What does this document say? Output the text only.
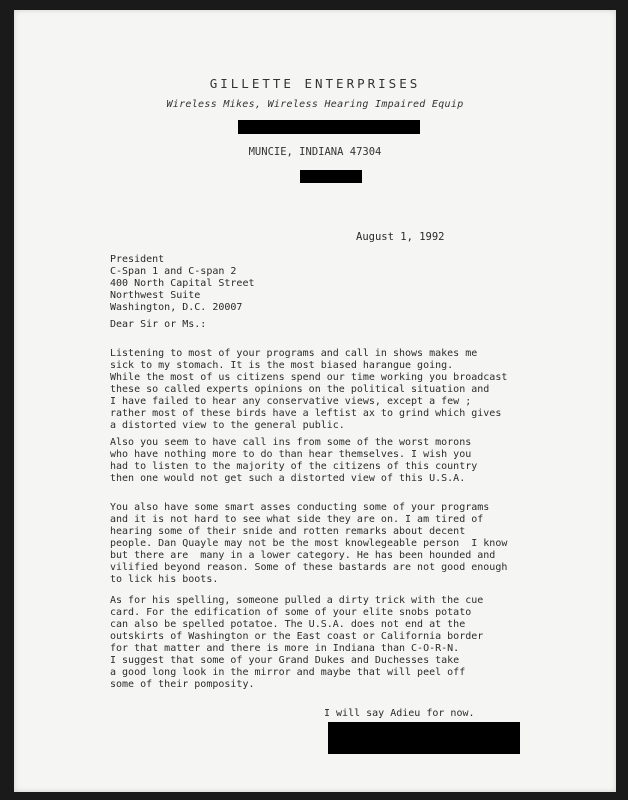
GILLETTE ENTERPRISES
Wireless Mikes, Wireless Hearing Impaired Equip
MUNCIE, INDIANA 47304
August 1, 1992
President
C-Span 1 and C-span 2
400 North Capital Street
Northwest Suite
Washington, D.C. 20007
Dear Sir or Ms.:
Listening to most of your programs and call in shows makes me
sick to my stomach. It is the most biased harangue going.
While the most of us citizens spend our time working you broadcast
these so called experts opinions on the political situation and
I have failed to hear any conservative views, except a few ;
rather most of these birds have a leftist ax to grind which gives
a distorted view to the general public.
Also you seem to have call ins from some of the worst morons
who have nothing more to do than hear themselves. I wish you
had to listen to the majority of the citizens of this country
then one would not get such a distorted view of this U.S.A.
You also have some smart asses conducting some of your programs
and it is not hard to see what side they are on. I am tired of
hearing some of their snide and rotten remarks about decent
people. Dan Quayle may not be the most knowlegeable person  I know
but there are  many in a lower category. He has been hounded and
vilified beyond reason. Some of these bastards are not good enough
to lick his boots.
As for his spelling, someone pulled a dirty trick with the cue
card. For the edification of some of your elite snobs potato
can also be spelled potatoe. The U.S.A. does not end at the
outskirts of Washington or the East coast or California border
for that matter and there is more in Indiana than C-O-R-N.
I suggest that some of your Grand Dukes and Duchesses take
a good long look in the mirror and maybe that will peel off
some of their pomposity.
I will say Adieu for now.
